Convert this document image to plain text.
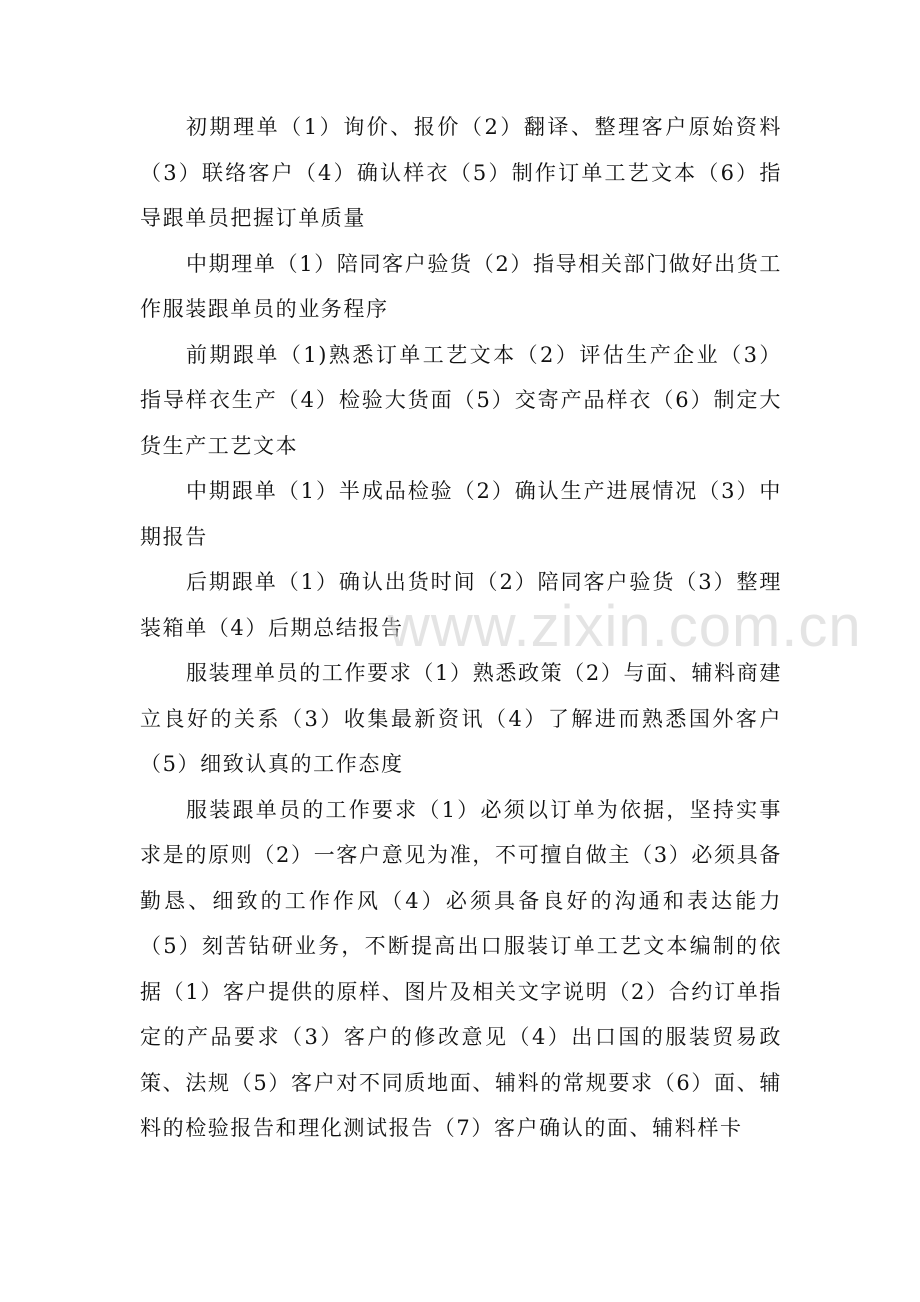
初期理单（1）询价、报价（2）翻译、整理客户原始资料（3）联络客户（4）确认样衣（5）制作订单工艺文本（6）指导跟单员把握订单质量

中期理单（1）陪同客户验货（2）指导相关部门做好出货工作服装跟单员的业务程序

前期跟单（1)熟悉订单工艺文本（2）评估生产企业（3）指导样衣生产（4）检验大货面（5）交寄产品样衣（6）制定大货生产工艺文本

中期跟单（1）半成品检验（2）确认生产进展情况（3）中期报告

后期跟单（1）确认出货时间（2）陪同客户验货（3）整理装箱单（4）后期总结报告

服装理单员的工作要求（1）熟悉政策（2）与面、辅料商建立良好的关系（3）收集最新资讯（4）了解进而熟悉国外客户（5）细致认真的工作态度

服装跟单员的工作要求（1）必须以订单为依据，坚持实事求是的原则（2）一客户意见为准，不可擅自做主（3）必须具备勤恳、细致的工作作风（4）必须具备良好的沟通和表达能力（5）刻苦钻研业务，不断提高出口服装订单工艺文本编制的依据（1）客户提供的原样、图片及相关文字说明（2）合约订单指定的产品要求（3）客户的修改意见（4）出口国的服装贸易政策、法规（5）客户对不同质地面、辅料的常规要求（6）面、辅料的检验报告和理化测试报告（7）客户确认的面、辅料样卡

www.zixin.com.cn
